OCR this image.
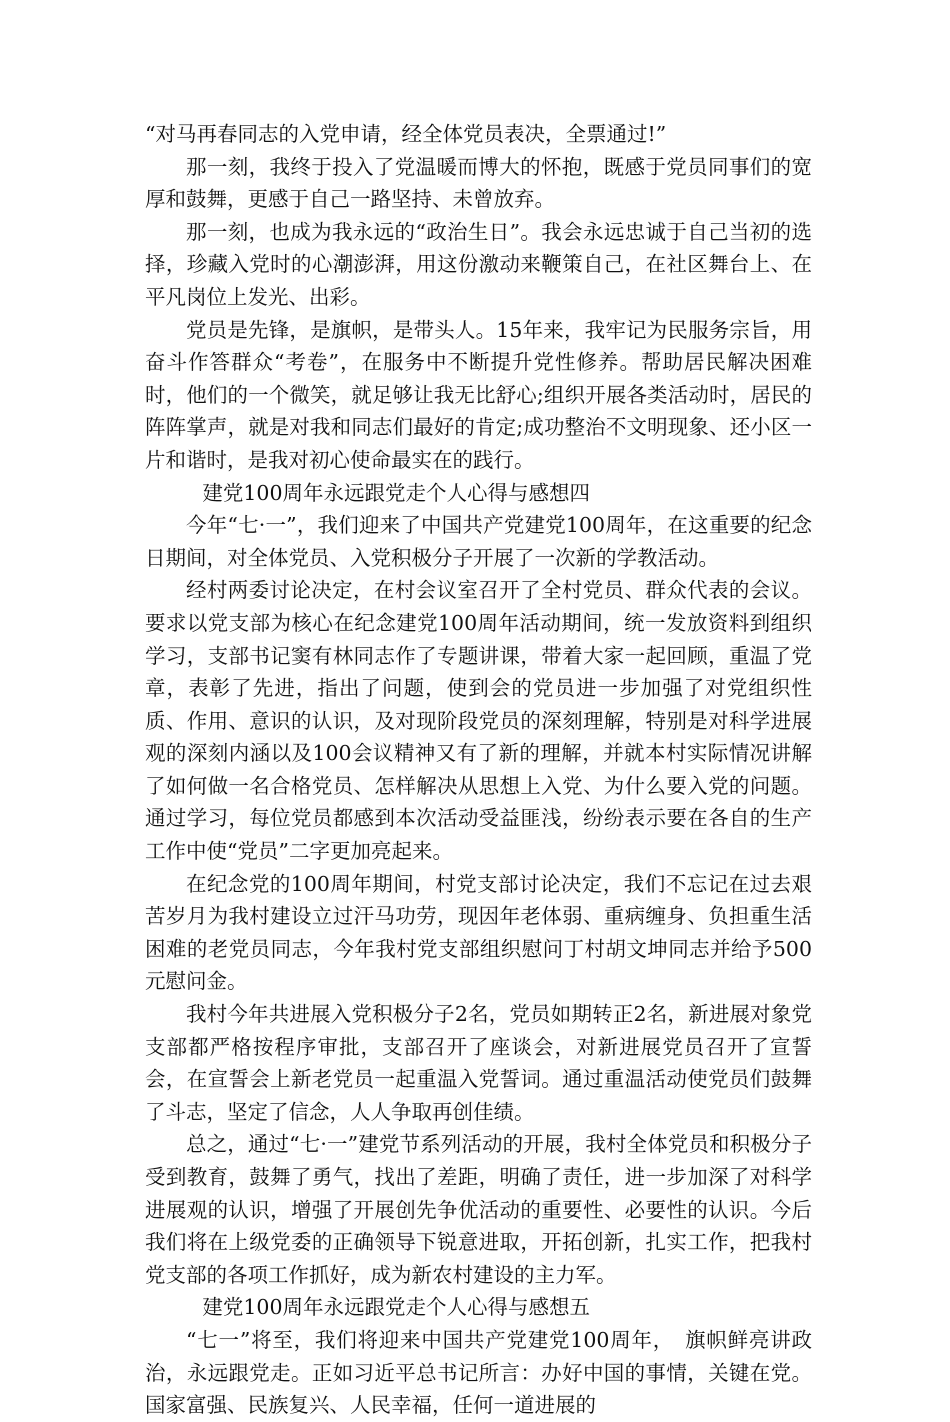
“对马再春同志的入党申请，经全体党员表决，全票通过!”

那一刻，我终于投入了党温暖而博大的怀抱，既感于党员同事们的宽厚和鼓舞，更感于自己一路坚持、未曾放弃。

那一刻，也成为我永远的“政治生日”。我会永远忠诚于自己当初的选择，珍藏入党时的心潮澎湃，用这份激动来鞭策自己，在社区舞台上、在平凡岗位上发光、出彩。

党员是先锋，是旗帜，是带头人。15年来，我牢记为民服务宗旨，用奋斗作答群众“考卷”，在服务中不断提升党性修养。帮助居民解决困难时，他们的一个微笑，就足够让我无比舒心;组织开展各类活动时，居民的阵阵掌声，就是对我和同志们最好的肯定;成功整治不文明现象、还小区一片和谐时，是我对初心使命最实在的践行。

建党100周年永远跟党走个人心得与感想四

今年“七·一”，我们迎来了中国共产党建党100周年，在这重要的纪念日期间，对全体党员、入党积极分子开展了一次新的学教活动。

经村两委讨论决定，在村会议室召开了全村党员、群众代表的会议。要求以党支部为核心在纪念建党100周年活动期间，统一发放资料到组织学习，支部书记窦有林同志作了专题讲课，带着大家一起回顾，重温了党章，表彰了先进，指出了问题，使到会的党员进一步加强了对党组织性质、作用、意识的认识，及对现阶段党员的深刻理解，特别是对科学进展观的深刻内涵以及100会议精神又有了新的理解，并就本村实际情况讲解了如何做一名合格党员、怎样解决从思想上入党、为什么要入党的问题。通过学习，每位党员都感到本次活动受益匪浅，纷纷表示要在各自的生产工作中使“党员”二字更加亮起来。

在纪念党的100周年期间，村党支部讨论决定，我们不忘记在过去艰苦岁月为我村建设立过汗马功劳，现因年老体弱、重病缠身、负担重生活困难的老党员同志，今年我村党支部组织慰问丁村胡文坤同志并给予500元慰问金。

我村今年共进展入党积极分子2名，党员如期转正2名，新进展对象党支部都严格按程序审批，支部召开了座谈会，对新进展党员召开了宣誓会，在宣誓会上新老党员一起重温入党誓词。通过重温活动使党员们鼓舞了斗志，坚定了信念，人人争取再创佳绩。

总之，通过“七·一”建党节系列活动的开展，我村全体党员和积极分子受到教育，鼓舞了勇气，找出了差距，明确了责任，进一步加深了对科学进展观的认识，增强了开展创先争优活动的重要性、必要性的认识。今后我们将在上级党委的正确领导下锐意进取，开拓创新，扎实工作，把我村党支部的各项工作抓好，成为新农村建设的主力军。

建党100周年永远跟党走个人心得与感想五

“七一”将至，我们将迎来中国共产党建党100周年，　旗帜鲜亮讲政治，永远跟党走。正如习近平总书记所言：办好中国的事情，关键在党。国家富强、民族复兴、人民幸福，任何一道进展的
